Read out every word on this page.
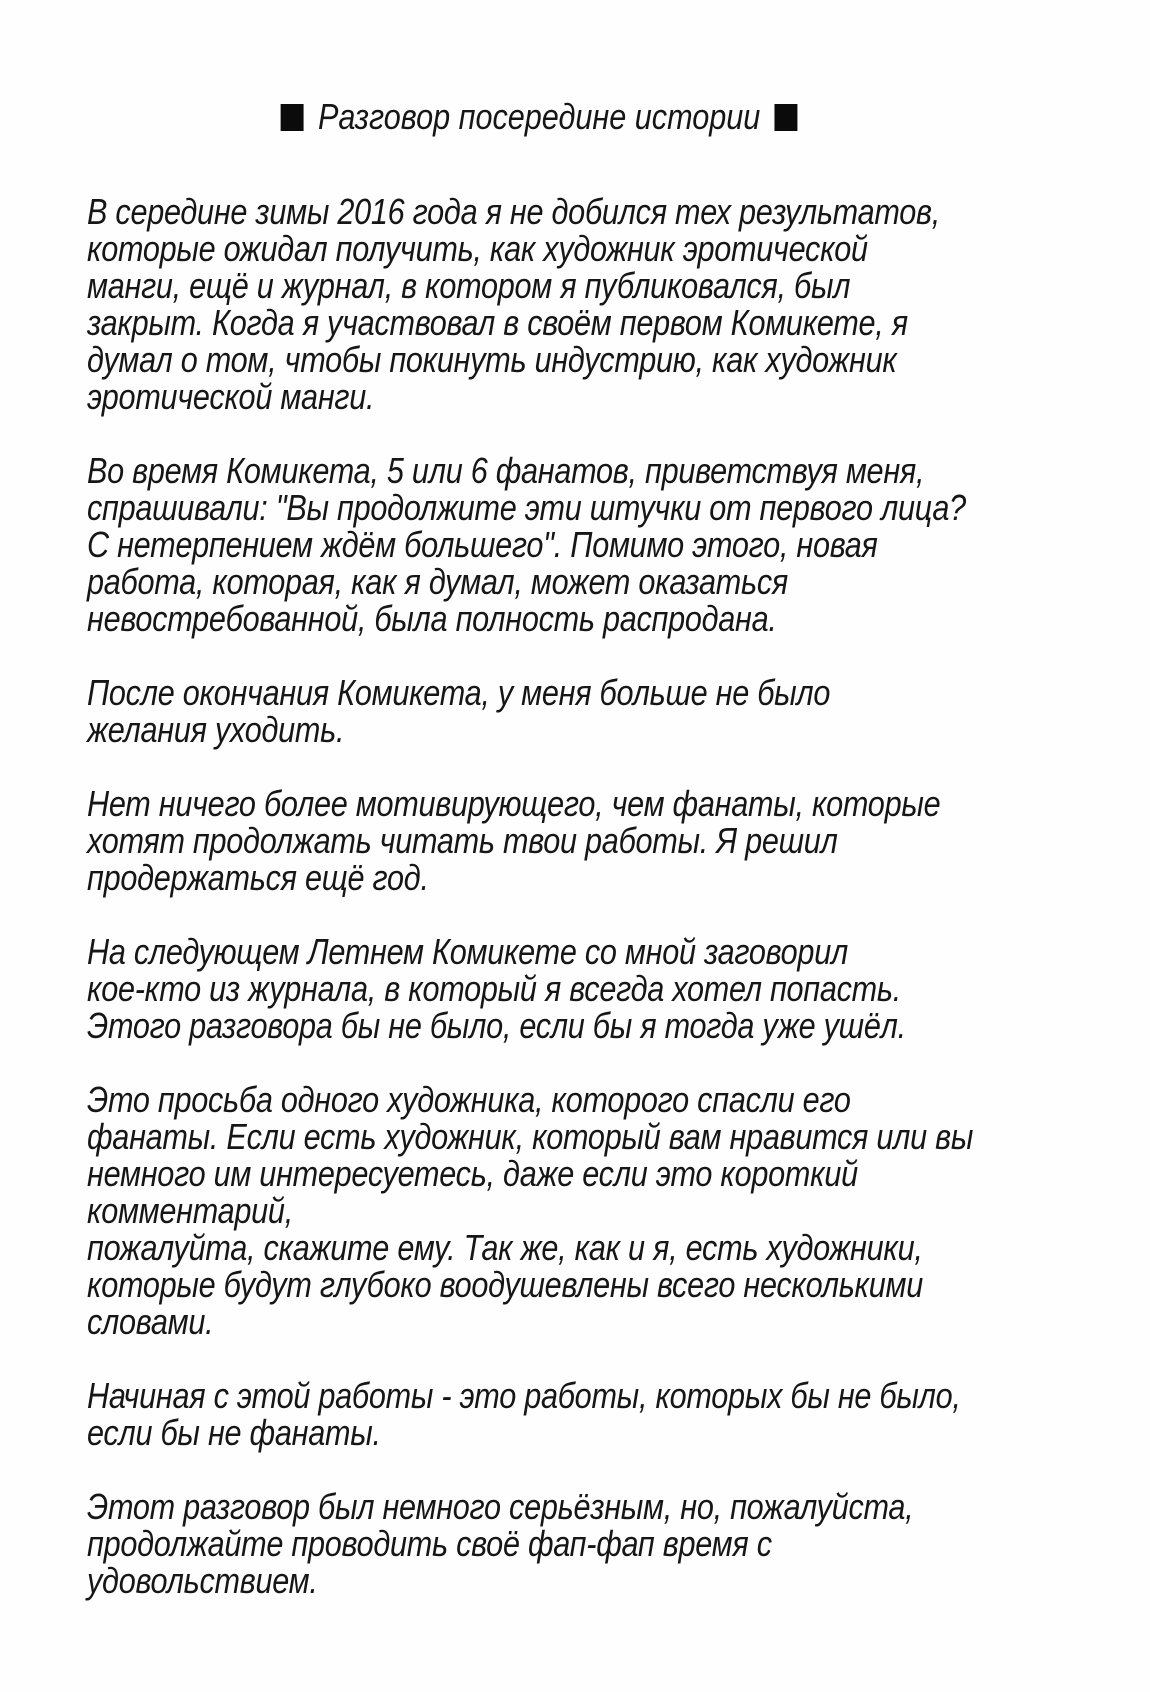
Разговор посередине истории

В середине зимы 2016 года я не добился тех результатов,
которые ожидал получить, как художник эротической
манги, ещё и журнал, в котором я публиковался, был
закрыт. Когда я участвовал в своём первом Комикете, я
думал о том, чтобы покинуть индустрию, как художник
эротической манги.

Во время Комикета, 5 или 6 фанатов, приветствуя меня,
спрашивали: "Вы продолжите эти штучки от первого лица?
С нетерпением ждём большего". Помимо этого, новая
работа, которая, как я думал, может оказаться
невостребованной, была полность распродана.

После окончания Комикета, у меня больше не было
желания уходить.

Нет ничего более мотивирующего, чем фанаты, которые
хотят продолжать читать твои работы. Я решил
продержаться ещё год.

На следующем Летнем Комикете со мной заговорил
кое-кто из журнала, в который я всегда хотел попасть.
Этого разговора бы не было, если бы я тогда уже ушёл.

Это просьба одного художника, которого спасли его
фанаты. Если есть художник, который вам нравится или вы
немного им интересуетесь, даже если это короткий
комментарий,
пожалуйта, скажите ему. Так же, как и я, есть художники,
которые будут глубоко воодушевлены всего несколькими
словами.

Начиная с этой работы - это работы, которых бы не было,
если бы не фанаты.

Этот разговор был немного серьёзным, но, пожалуйста,
продолжайте проводить своё фап-фап время с
удовольствием.
